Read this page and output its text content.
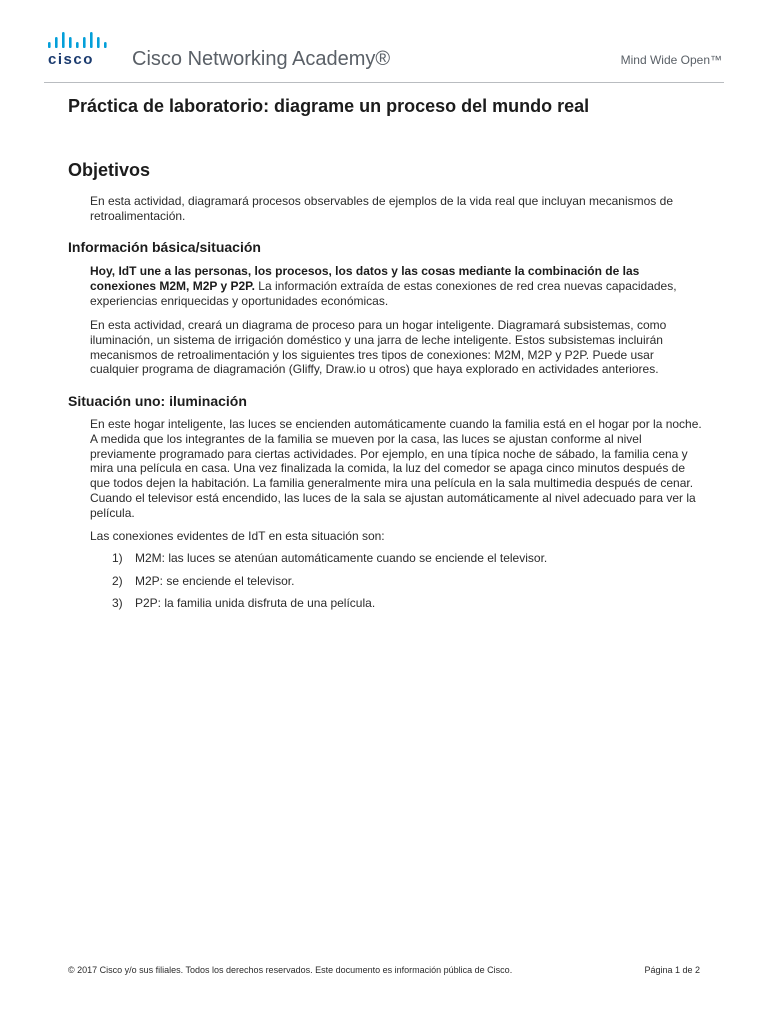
cisco Cisco Networking Academy®	Mind Wide Open™
Práctica de laboratorio: diagrame un proceso del mundo real
Objetivos

En esta actividad, diagramará procesos observables de ejemplos de la vida real que incluyan mecanismos de retroalimentación.

Información básica/situación

Hoy, IdT une a las personas, los procesos, los datos y las cosas mediante la combinación de las conexiones M2M, M2P y P2P. La información extraída de estas conexiones de red crea nuevas capacidades, experiencias enriquecidas y oportunidades económicas.

En esta actividad, creará un diagrama de proceso para un hogar inteligente. Diagramará subsistemas, como iluminación, un sistema de irrigación doméstico y una jarra de leche inteligente. Estos subsistemas incluirán mecanismos de retroalimentación y los siguientes tres tipos de conexiones: M2M, M2P y P2P. Puede usar cualquier programa de diagramación (Gliffy, Draw.io u otros) que haya explorado en actividades anteriores.

Situación uno: iluminación

En este hogar inteligente, las luces se encienden automáticamente cuando la familia está en el hogar por la noche. A medida que los integrantes de la familia se mueven por la casa, las luces se ajustan conforme al nivel previamente programado para ciertas actividades. Por ejemplo, en una típica noche de sábado, la familia cena y mira una película en casa. Una vez finalizada la comida, la luz del comedor se apaga cinco minutos después de que todos dejen la habitación. La familia generalmente mira una película en la sala multimedia después de cenar. Cuando el televisor está encendido, las luces de la sala se ajustan automáticamente al nivel adecuado para ver la película.

Las conexiones evidentes de IdT en esta situación son:

1) M2M: las luces se atenúan automáticamente cuando se enciende el televisor.
2) M2P: se enciende el televisor.
3) P2P: la familia unida disfruta de una película.
© 2017 Cisco y/o sus filiales. Todos los derechos reservados. Este documento es información pública de Cisco.	Página 1 de 2
